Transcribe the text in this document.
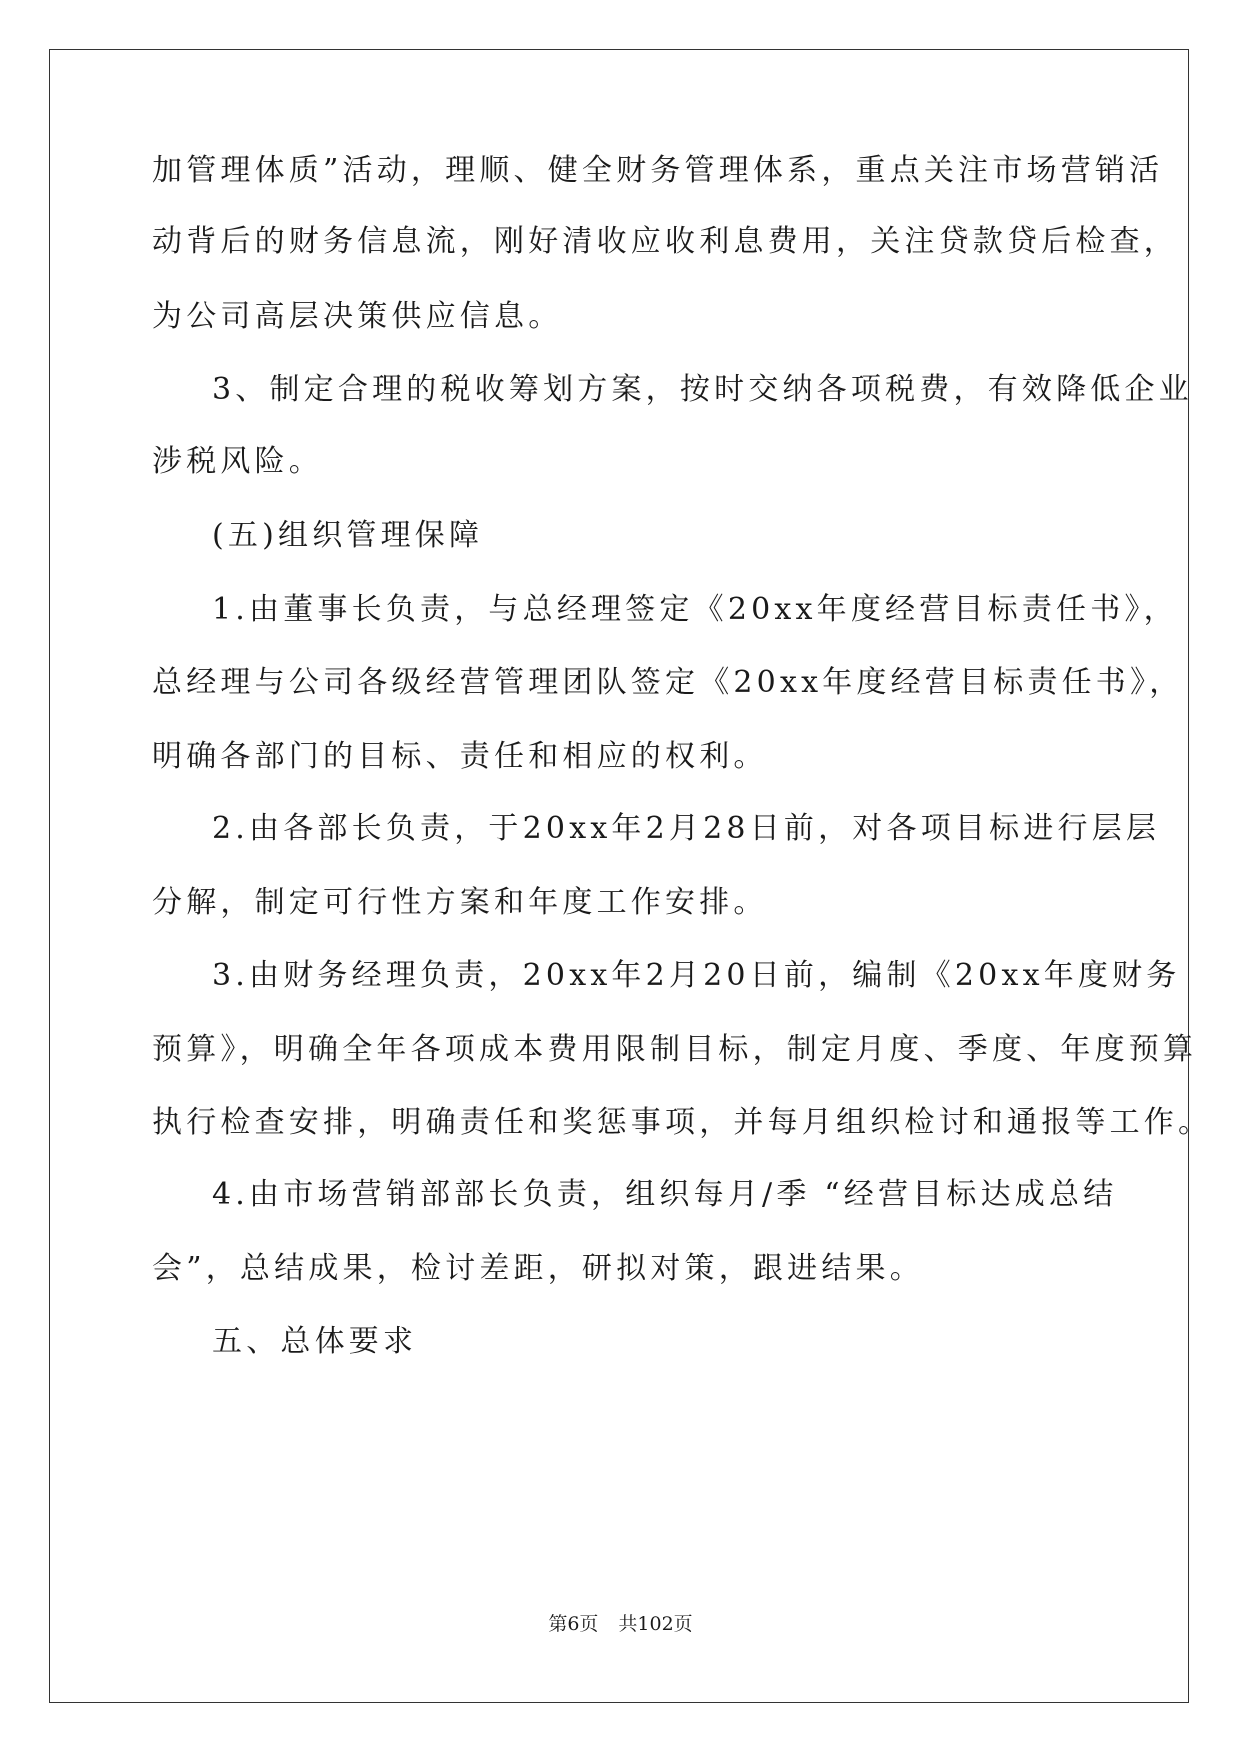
加管理体质”活动，理顺、健全财务管理体系，重点关注市场营销活
动背后的财务信息流，刚好清收应收利息费用，关注贷款贷后检查，
为公司高层决策供应信息。
3、制定合理的税收筹划方案，按时交纳各项税费，有效降低企业
涉税风险。
(五)组织管理保障
1.由董事长负责，与总经理签定《20xx年度经营目标责任书》，
总经理与公司各级经营管理团队签定《20xx年度经营目标责任书》，
明确各部门的目标、责任和相应的权利。
2.由各部长负责，于20xx年2月28日前，对各项目标进行层层
分解，制定可行性方案和年度工作安排。
3.由财务经理负责，20xx年2月20日前，编制《20xx年度财务
预算》，明确全年各项成本费用限制目标，制定月度、季度、年度预算
执行检查安排，明确责任和奖惩事项，并每月组织检讨和通报等工作。
4.由市场营销部部长负责，组织每月/季 “经营目标达成总结
会”，总结成果，检讨差距，研拟对策，跟进结果。
五、总体要求
第6页 共102页
